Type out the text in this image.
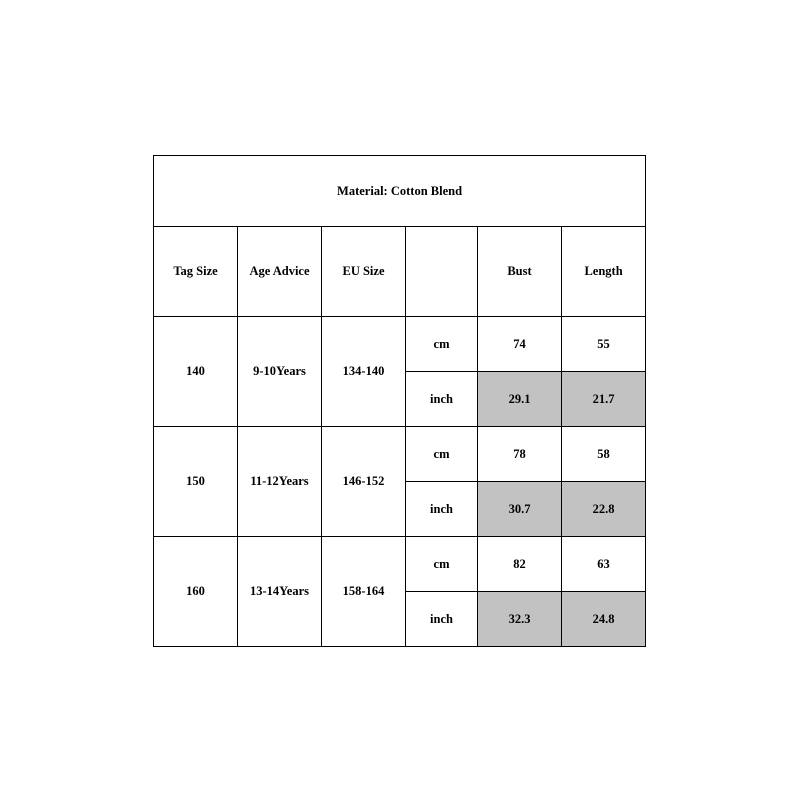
Material: Cotton Blend					
Tag Size	Age Advice	EU Size		Bust	Length
140	9-10Years	134-140	cm	74	55
			inch	29.1	21.7
150	11-12Years	146-152	cm	78	58
			inch	30.7	22.8
160	13-14Years	158-164	cm	82	63
			inch	32.3	24.8
